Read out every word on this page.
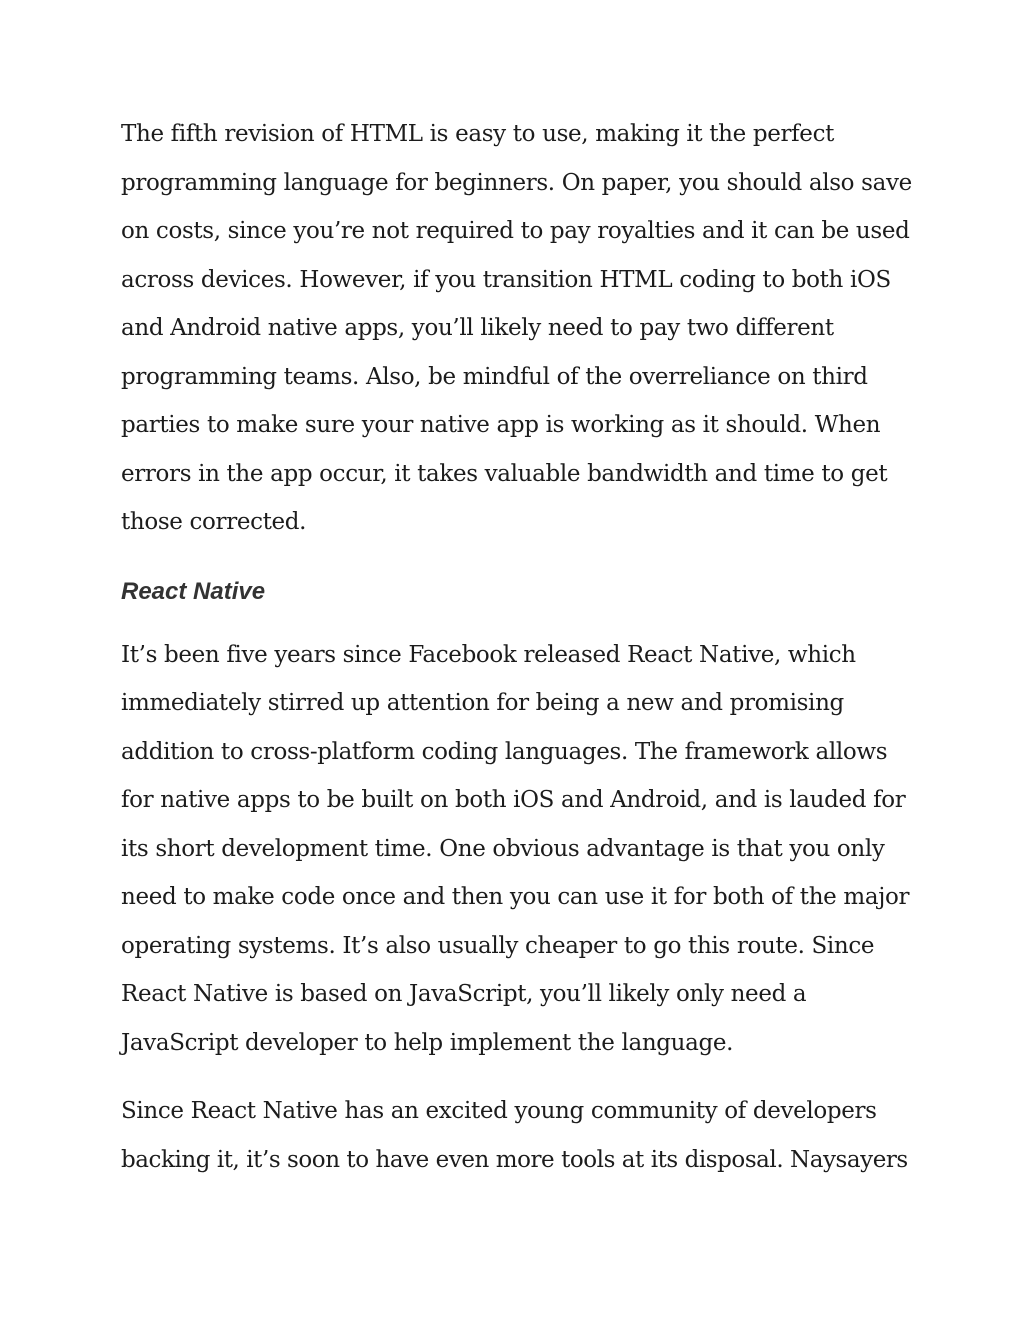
The fifth revision of HTML is easy to use, making it the perfect

programming language for beginners. On paper, you should also save

on costs, since you’re not required to pay royalties and it can be used

across devices. However, if you transition HTML coding to both iOS

and Android native apps, you’ll likely need to pay two different

programming teams. Also, be mindful of the overreliance on third

parties to make sure your native app is working as it should. When

errors in the app occur, it takes valuable bandwidth and time to get

those corrected.

React Native

It’s been five years since Facebook released React Native, which

immediately stirred up attention for being a new and promising

addition to cross-platform coding languages. The framework allows

for native apps to be built on both iOS and Android, and is lauded for

its short development time. One obvious advantage is that you only

need to make code once and then you can use it for both of the major

operating systems. It’s also usually cheaper to go this route. Since

React Native is based on JavaScript, you’ll likely only need a

JavaScript developer to help implement the language.

Since React Native has an excited young community of developers

backing it, it’s soon to have even more tools at its disposal. Naysayers
